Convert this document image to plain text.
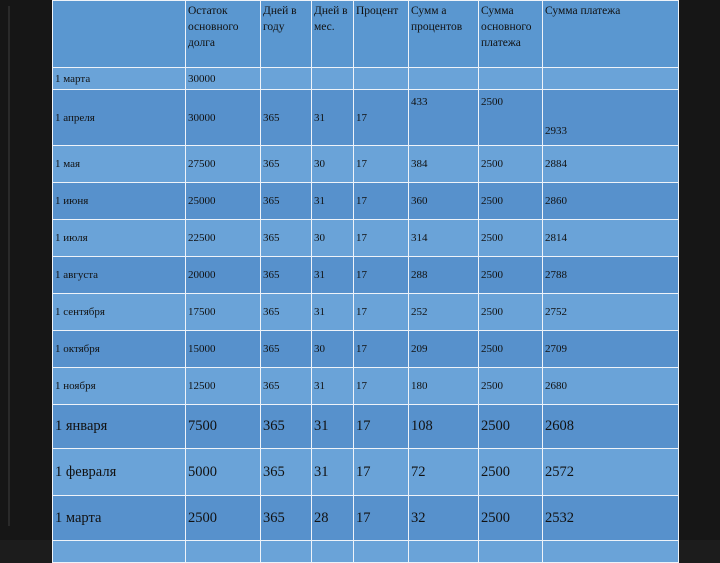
	Остаток основного долга	Дней в году	Дней в мес.	Процент	Сумм а процентов	Сумма основного платежа	Сумма платежа
1 марта	30000						
1 апреля	30000	365	31	17	433	2500	2933
1 мая	27500	365	30	17	384	2500	2884
1 июня	25000	365	31	17	360	2500	2860
1 июля	22500	365	30	17	314	2500	2814
1 августа	20000	365	31	17	288	2500	2788
1 сентября	17500	365	31	17	252	2500	2752
1 октября	15000	365	30	17	209	2500	2709
1 ноября	12500	365	31	17	180	2500	2680
1 января	7500	365	31	17	108	2500	2608
1 февраля	5000	365	31	17	72	2500	2572
1 марта	2500	365	28	17	32	2500	2532
